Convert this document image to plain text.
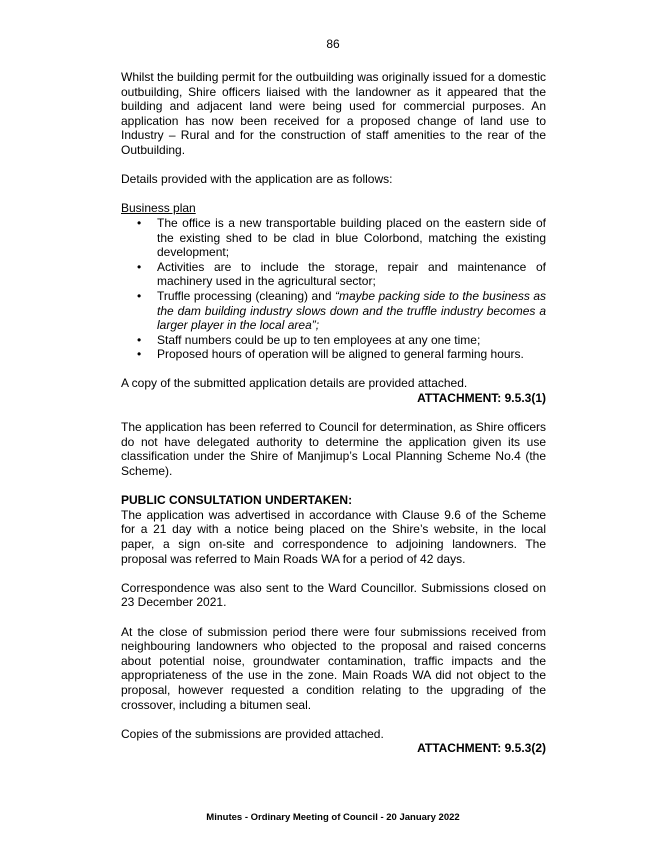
86

Whilst the building permit for the outbuilding was originally issued for a domestic outbuilding, Shire officers liaised with the landowner as it appeared that the building and adjacent land were being used for commercial purposes. An application has now been received for a proposed change of land use to Industry – Rural and for the construction of staff amenities to the rear of the Outbuilding.

Details provided with the application are as follows:

Business plan

• The office is a new transportable building placed on the eastern side of the existing shed to be clad in blue Colorbond, matching the existing development;
• Activities are to include the storage, repair and maintenance of machinery used in the agricultural sector;
• Truffle processing (cleaning) and “maybe packing side to the business as the dam building industry slows down and the truffle industry becomes a larger player in the local area”;
• Staff numbers could be up to ten employees at any one time;
• Proposed hours of operation will be aligned to general farming hours.

A copy of the submitted application details are provided attached.

ATTACHMENT: 9.5.3(1)

The application has been referred to Council for determination, as Shire officers do not have delegated authority to determine the application given its use classification under the Shire of Manjimup’s Local Planning Scheme No.4 (the Scheme).

PUBLIC CONSULTATION UNDERTAKEN:

The application was advertised in accordance with Clause 9.6 of the Scheme for a 21 day with a notice being placed on the Shire’s website, in the local paper, a sign on-site and correspondence to adjoining landowners. The proposal was referred to Main Roads WA for a period of 42 days.

Correspondence was also sent to the Ward Councillor. Submissions closed on 23 December 2021.

At the close of submission period there were four submissions received from neighbouring landowners who objected to the proposal and raised concerns about potential noise, groundwater contamination, traffic impacts and the appropriateness of the use in the zone. Main Roads WA did not object to the proposal, however requested a condition relating to the upgrading of the crossover, including a bitumen seal.

Copies of the submissions are provided attached.

ATTACHMENT: 9.5.3(2)

Minutes - Ordinary Meeting of Council - 20 January 2022
